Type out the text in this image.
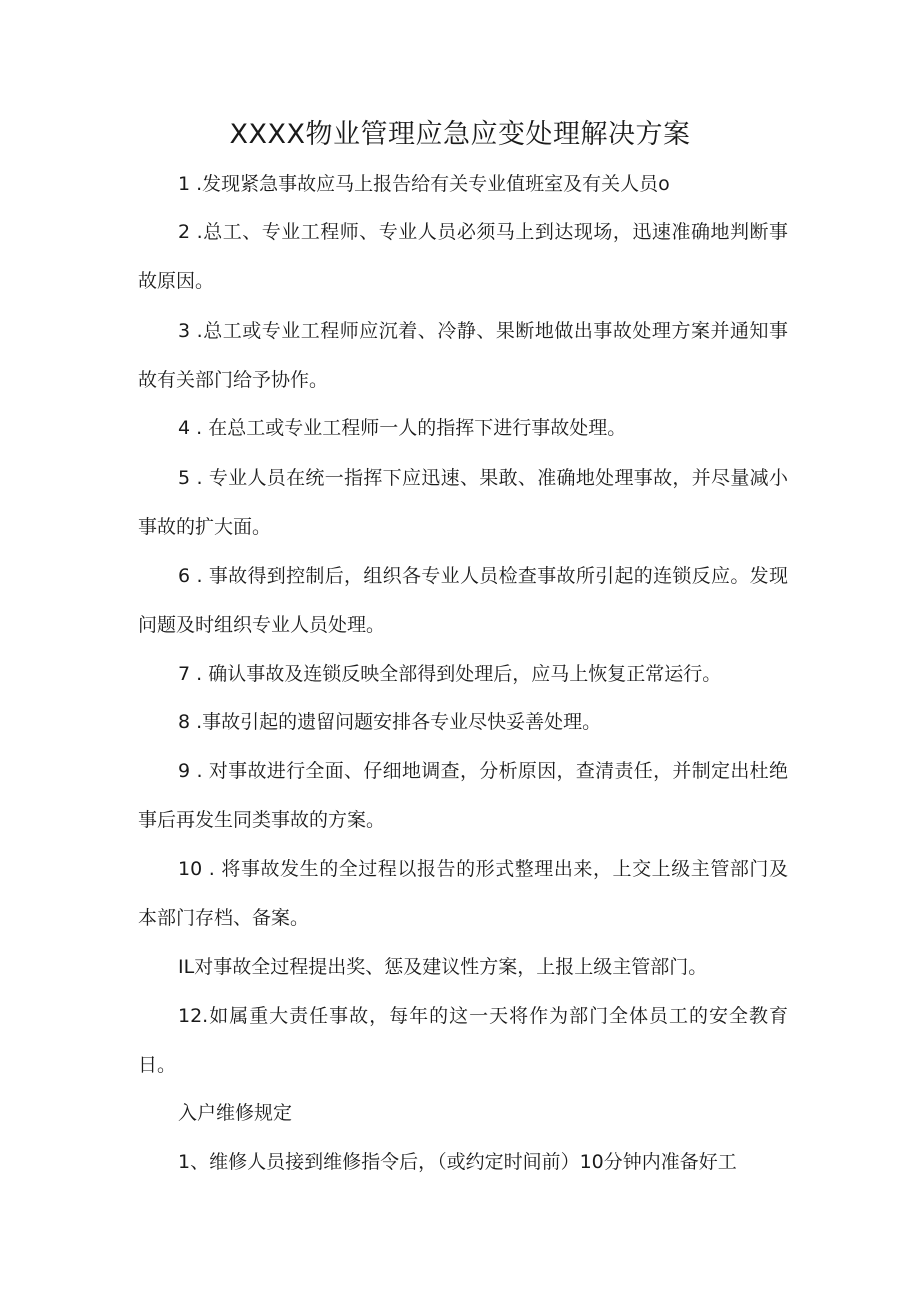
XXXX物业管理应急应变处理解决方案

1 .发现紧急事故应马上报告给有关专业值班室及有关人员o

2 .总工、专业工程师、专业人员必须马上到达现场，迅速准确地判断事故原因。

3 .总工或专业工程师应沉着、冷静、果断地做出事故处理方案并通知事故有关部门给予协作。

4 . 在总工或专业工程师一人的指挥下进行事故处理。

5 . 专业人员在统一指挥下应迅速、果敢、准确地处理事故，并尽量减小事故的扩大面。

6 . 事故得到控制后，组织各专业人员检查事故所引起的连锁反应。发现问题及时组织专业人员处理。

7 . 确认事故及连锁反映全部得到处理后，应马上恢复正常运行。

8 .事故引起的遗留问题安排各专业尽快妥善处理。

9 . 对事故进行全面、仔细地调查，分析原因，查清责任，并制定出杜绝事后再发生同类事故的方案。

10 . 将事故发生的全过程以报告的形式整理出来，上交上级主管部门及本部门存档、备案。

IL对事故全过程提出奖、惩及建议性方案，上报上级主管部门。

12.如属重大责任事故，每年的这一天将作为部门全体员工的安全教育日。

入户维修规定

1、维修人员接到维修指令后，（或约定时间前）10分钟内准备好工
